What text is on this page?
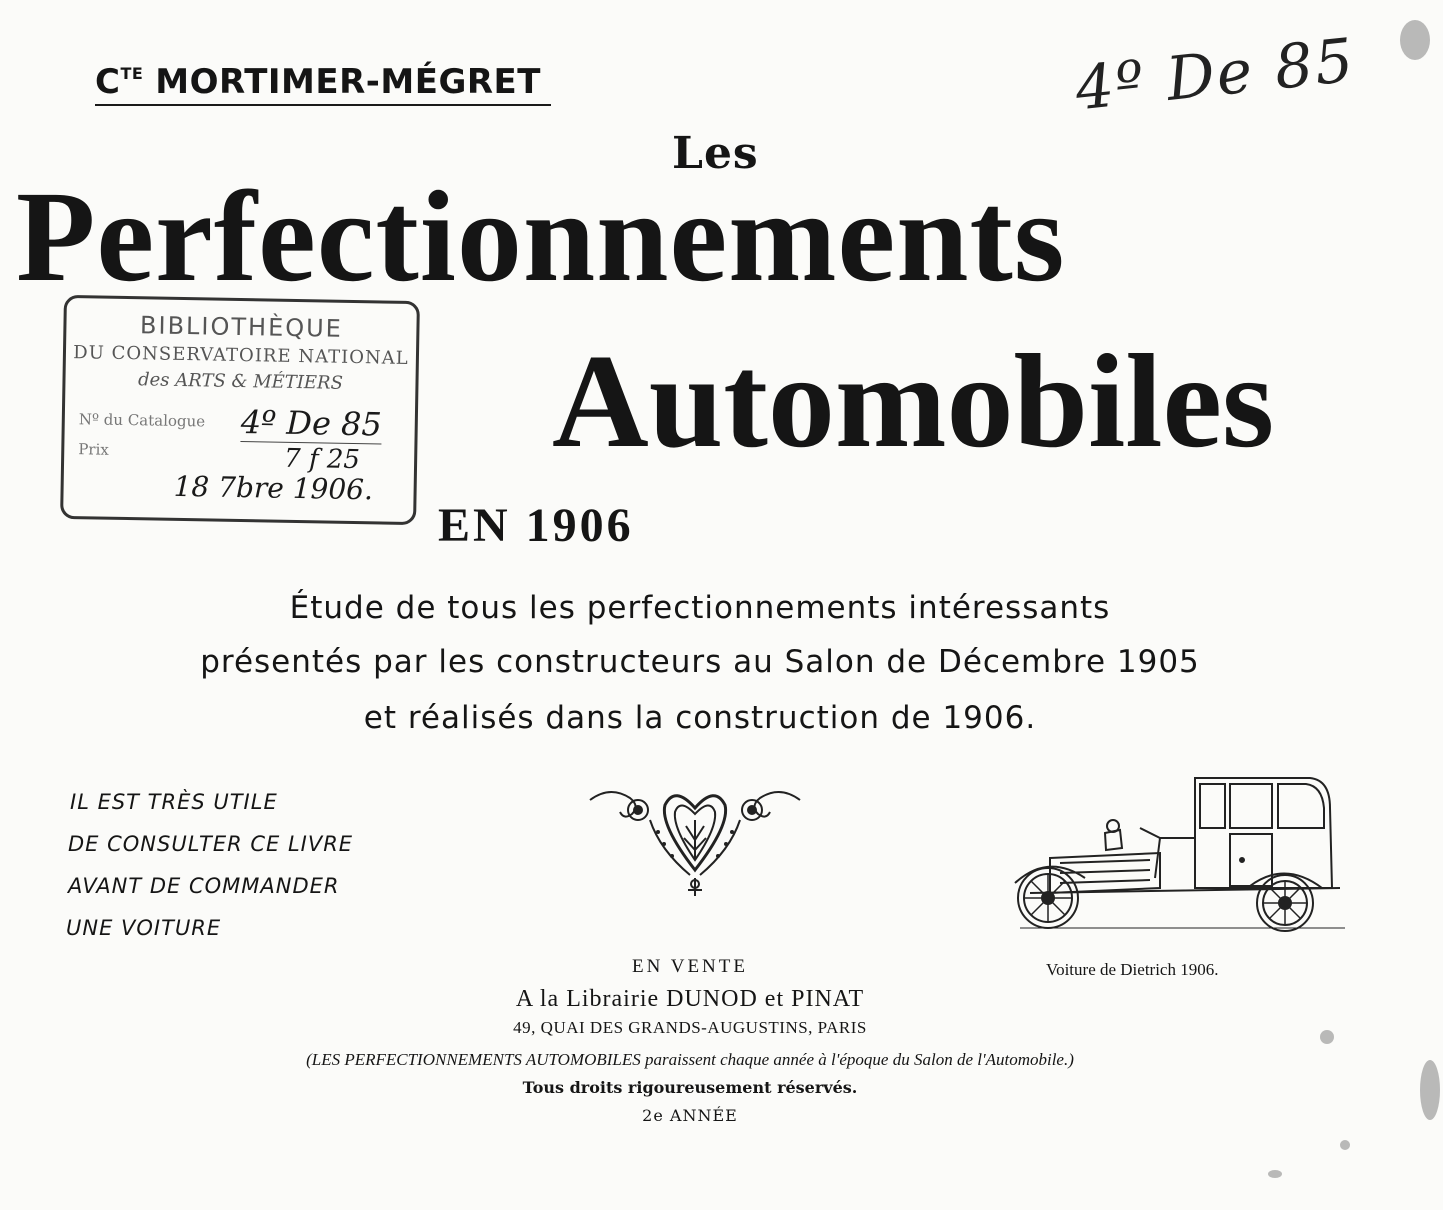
$C^{TE}$ MORTIMER-MÉGRET	4º De 85
Les
Perfectionnements
Automobiles
EN 1906
BIBLIOTHÈQUE
DU CONSERVATOIRE NATIONAL
des ARTS & MÉTIERS
Nº du Catalogue
Prix
4º De 85
7 f 25
18 7bre 1906.
Étude de tous les perfectionnements intéressants
présentés par les constructeurs au Salon de Décembre 1905
et réalisés dans la construction de 1906.
IL EST TRÈS UTILE
DE CONSULTER CE LIVRE
AVANT DE COMMANDER
UNE VOITURE
Voiture de Dietrich 1906.
EN VENTE
A la Librairie DUNOD et PINAT
49, QUAI DES GRANDS-AUGUSTINS, PARIS
(LES PERFECTIONNEMENTS AUTOMOBILES paraissent chaque année à l'époque du Salon de l'Automobile.)
Tous droits rigoureusement réservés.
2e ANNÉE
